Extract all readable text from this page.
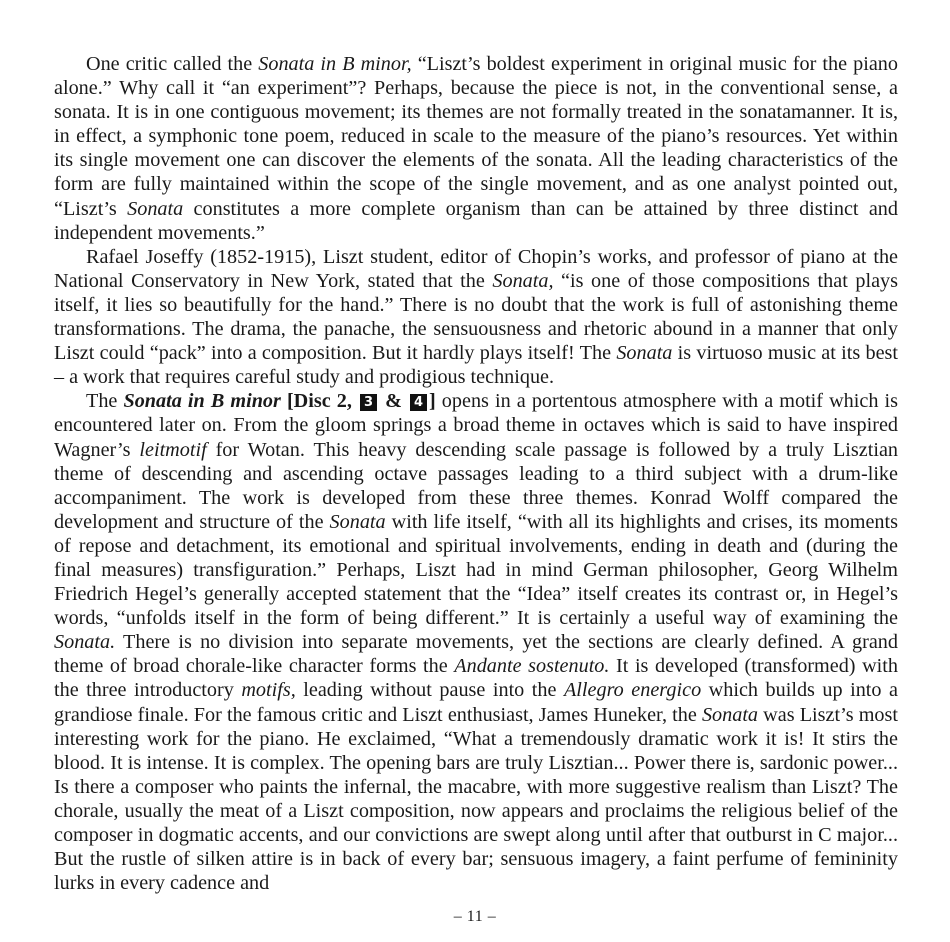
One critic called the Sonata in B minor, “Liszt’s boldest experiment in original music for the piano alone.” Why call it “an experiment”? Perhaps, because the piece is not, in the conventional sense, a sonata. It is in one contiguous movement; its themes are not formally treated in the sonatamanner. It is, in effect, a symphonic tone poem, reduced in scale to the measure of the piano’s resources. Yet within its single movement one can discover the elements of the sonata. All the leading characteristics of the form are fully maintained within the scope of the single movement, and as one analyst pointed out, “Liszt’s Sonata constitutes a more complete organism than can be attained by three distinct and independent movements.”

Rafael Joseffy (1852-1915), Liszt student, editor of Chopin’s works, and professor of piano at the National Conservatory in New York, stated that the Sonata, “is one of those compositions that plays itself, it lies so beautifully for the hand.” There is no doubt that the work is full of astonishing theme transformations. The drama, the panache, the sensuousness and rhetoric abound in a manner that only Liszt could “pack” into a composition. But it hardly plays itself! The Sonata is virtuoso music at its best – a work that requires careful study and prodigious technique.

The Sonata in B minor [Disc 2, 3 & 4 ] opens in a portentous atmosphere with a motif which is encountered later on. From the gloom springs a broad theme in octaves which is said to have inspired Wagner’s leitmotif for Wotan. This heavy descending scale passage is followed by a truly Lisztian theme of descending and ascending octave passages leading to a third subject with a drum-like accompaniment. The work is developed from these three themes. Konrad Wolff compared the development and structure of the Sonata with life itself, “with all its highlights and crises, its moments of repose and detachment, its emotional and spiritual involvements, ending in death and (during the final measures) transfiguration.” Perhaps, Liszt had in mind German philosopher, Georg Wilhelm Friedrich Hegel’s generally accepted statement that the “Idea” itself creates its contrast or, in Hegel’s words, “unfolds itself in the form of being different.” It is certainly a useful way of examining the Sonata. There is no division into separate movements, yet the sections are clearly defined. A grand theme of broad chorale-like character forms the Andante sostenuto. It is developed (transformed) with the three introductory motifs, leading without pause into the Allegro energico which builds up into a grandiose finale. For the famous critic and Liszt enthusiast, James Huneker, the Sonata was Liszt’s most interesting work for the piano. He exclaimed, “What a tremendously dramatic work it is! It stirs the blood. It is intense. It is complex. The opening bars are truly Lisztian... Power there is, sardonic power... Is there a composer who paints the infernal, the macabre, with more suggestive realism than Liszt? The chorale, usually the meat of a Liszt composition, now appears and proclaims the religious belief of the composer in dogmatic accents, and our convictions are swept along until after that outburst in C major... But the rustle of silken attire is in back of every bar; sensuous imagery, a faint perfume of femininity lurks in every cadence and

– 11 –
